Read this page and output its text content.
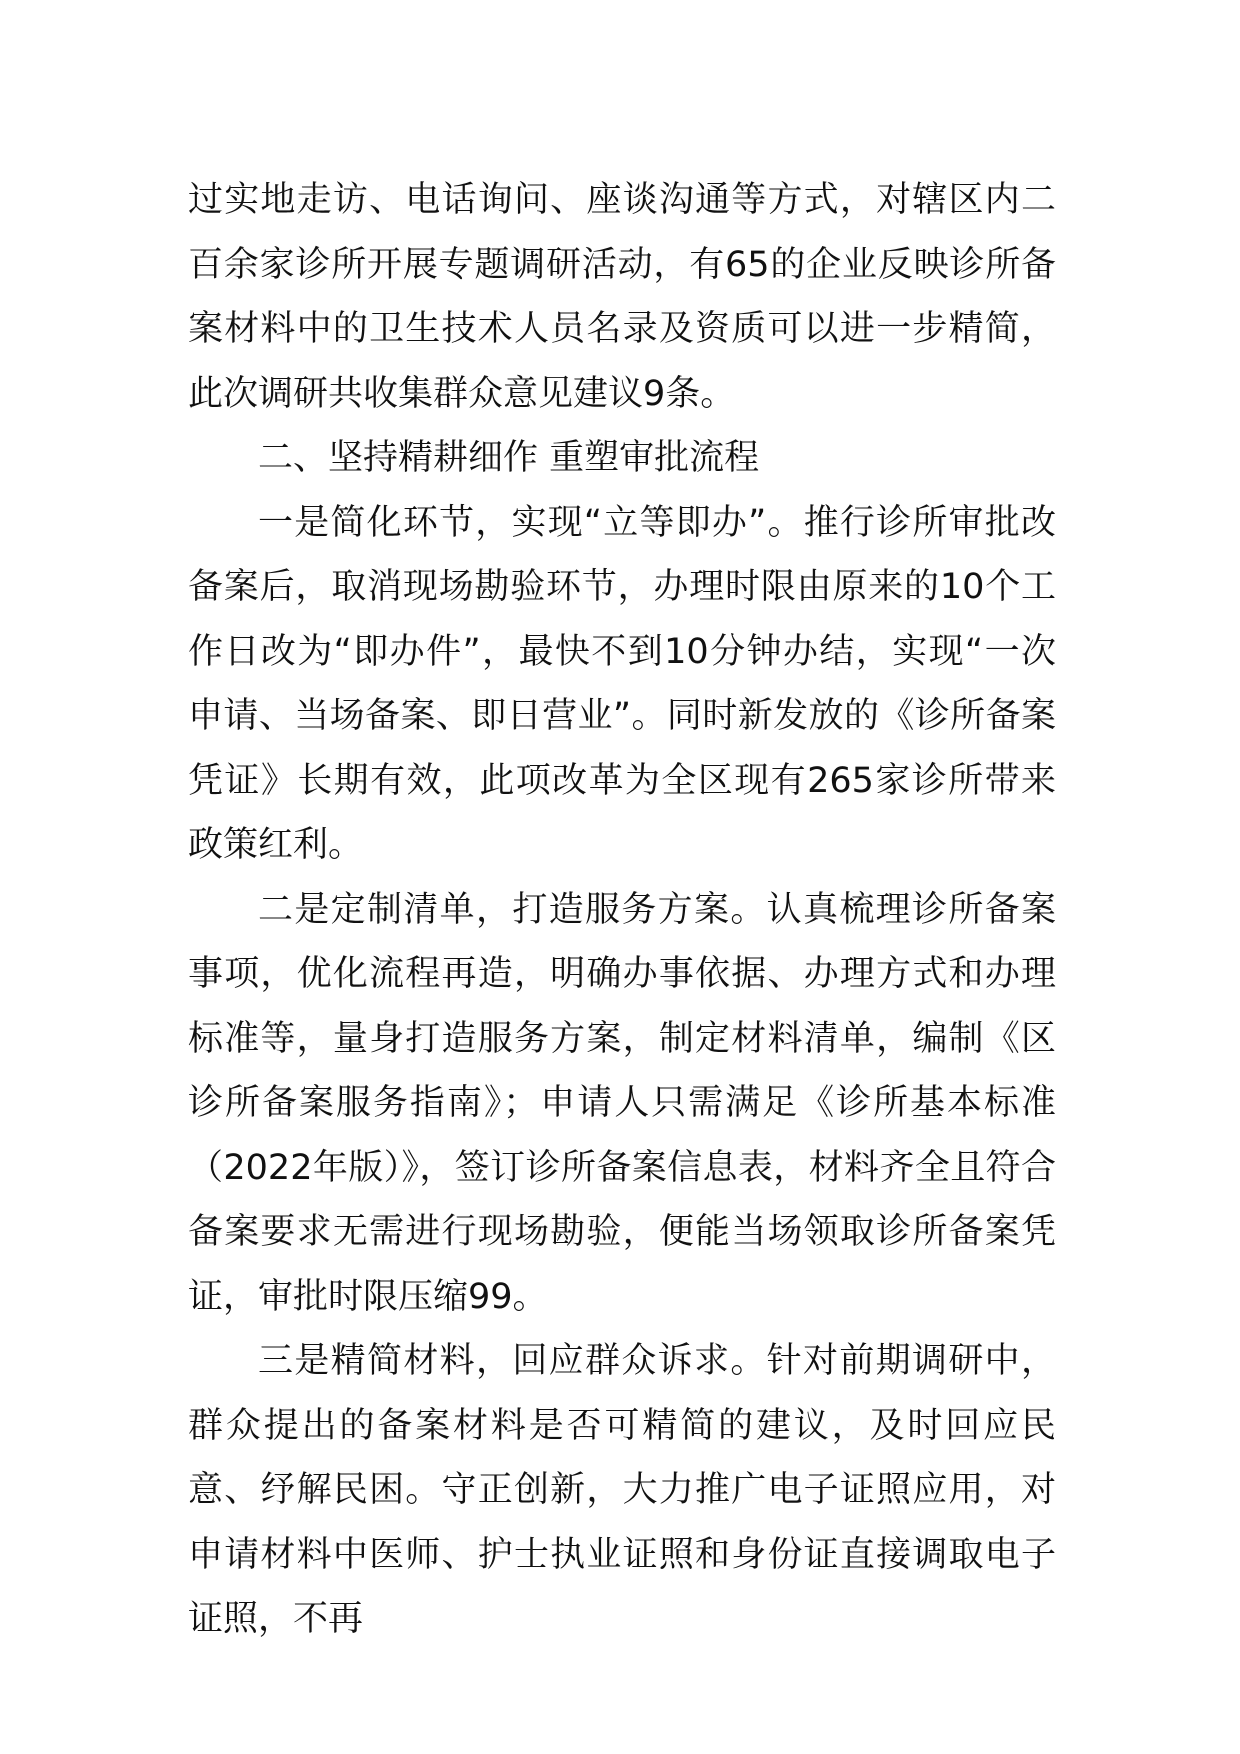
过实地走访、电话询问、座谈沟通等方式，对辖区内二百余家诊所开展专题调研活动，有65的企业反映诊所备案材料中的卫生技术人员名录及资质可以进一步精简，此次调研共收集群众意见建议9条。

二、坚持精耕细作 重塑审批流程

一是简化环节，实现“立等即办”。推行诊所审批改备案后，取消现场勘验环节，办理时限由原来的10个工作日改为“即办件”，最快不到10分钟办结，实现“一次申请、当场备案、即日营业”。同时新发放的《诊所备案凭证》长期有效，此项改革为全区现有265家诊所带来政策红利。

二是定制清单，打造服务方案。认真梳理诊所备案事项，优化流程再造，明确办事依据、办理方式和办理标准等，量身打造服务方案，制定材料清单，编制《区诊所备案服务指南》；申请人只需满足《诊所基本标准（2022年版）》，签订诊所备案信息表，材料齐全且符合备案要求无需进行现场勘验，便能当场领取诊所备案凭证，审批时限压缩99。

三是精简材料，回应群众诉求。针对前期调研中，群众提出的备案材料是否可精简的建议，及时回应民意、纾解民困。守正创新，大力推广电子证照应用，对申请材料中医师、护士执业证照和身份证直接调取电子证照，不再
